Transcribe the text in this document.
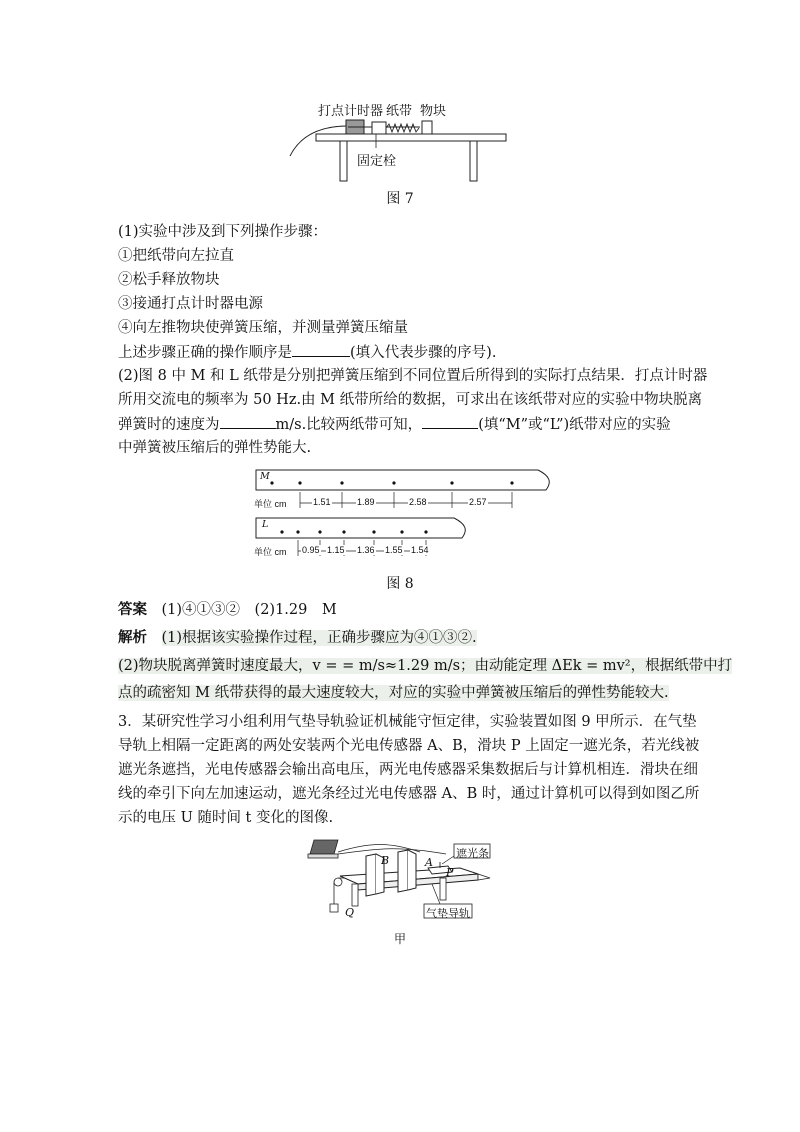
打点计时器 纸带 物块
固定栓
图 7
(1)实验中涉及到下列操作步骤：
①把纸带向左拉直
②松手释放物块
③接通打点计时器电源
④向左推物块使弹簧压缩，并测量弹簧压缩量
上述步骤正确的操作顺序是	(填入代表步骤的序号).
(2)图 8 中 M 和 L 纸带是分别把弹簧压缩到不同位置后所得到的实际打点结果．打点计时器
所用交流电的频率为 50 Hz.由 M 纸带所给的数据，可求出在该纸带对应的实验中物块脱离
弹簧时的速度为	m/s.比较两纸带可知，	(填“M”或“L”)纸带对应的实验
中弹簧被压缩后的弹性势能大.
M
单位 cm	1.51	1.89	2.58	2.57
L
单位 cm 0.95 1.15 1.36 1.55 1.54
图 8
答案　 (1)④①③②　(2)1.29　M
解析　 (1)根据该实验操作过程，正确步骤应为④①③②.
(2)物块脱离弹簧时速度最大，v = = m/s≈1.29 m/s；由动能定理 ΔEk = mv²，根据纸带中打
点的疏密知 M 纸带获得的最大速度较大，对应的实验中弹簧被压缩后的弹性势能较大.
3．某研究性学习小组利用气垫导轨验证机械能守恒定律，实验装置如图 9 甲所示．在气垫
导轨上相隔一定距离的两处安装两个光电传感器 A、B，滑块 P 上固定一遮光条，若光线被
遮光条遮挡，光电传感器会输出高电压，两光电传感器采集数据后与计算机相连．滑块在细
线的牵引下向左加速运动，遮光条经过光电传感器 A、B 时，通过计算机可以得到如图乙所
示的电压 U 随时间 t 变化的图像.
B	A
P
Q
遮光条
气垫导轨
甲
